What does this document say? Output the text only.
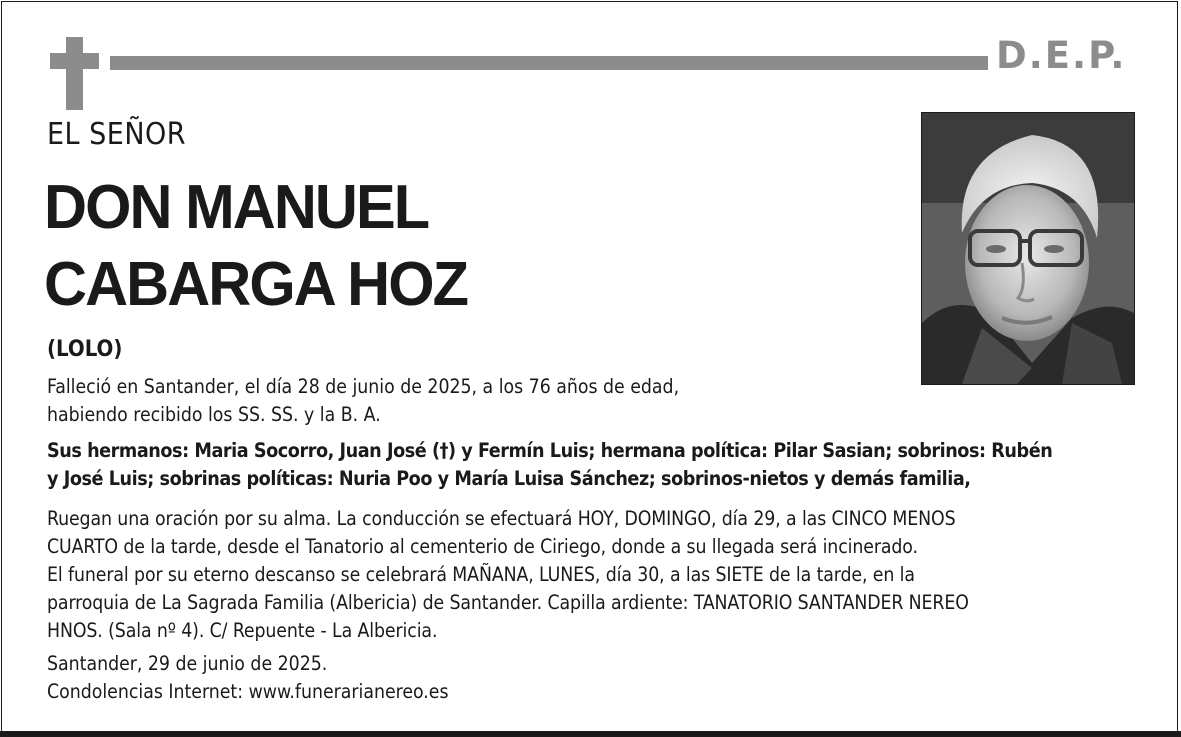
D.E.P.
EL SEÑOR
DON MANUEL
CABARGA HOZ
(LOLO)
Falleció en Santander, el día 28 de junio de 2025, a los 76 años de edad,
habiendo recibido los SS. SS. y la B. A.
Sus hermanos: Maria Socorro, Juan José (†) y Fermín Luis; hermana política: Pilar Sasian; sobrinos: Rubén
y José Luis; sobrinas políticas: Nuria Poo y María Luisa Sánchez; sobrinos-nietos y demás familia,
Ruegan una oración por su alma. La conducción se efectuará HOY, DOMINGO, día 29, a las CINCO MENOS
CUARTO de la tarde, desde el Tanatorio al cementerio de Ciriego, donde a su llegada será incinerado.
El funeral por su eterno descanso se celebrará MAÑANA, LUNES, día 30, a las SIETE de la tarde, en la
parroquia de La Sagrada Familia (Albericia) de Santander. Capilla ardiente: TANATORIO SANTANDER NEREO
HNOS. (Sala nº 4). C/ Repuente - La Albericia.
Santander, 29 de junio de 2025.
Condolencias Internet: www.funerarianereo.es
